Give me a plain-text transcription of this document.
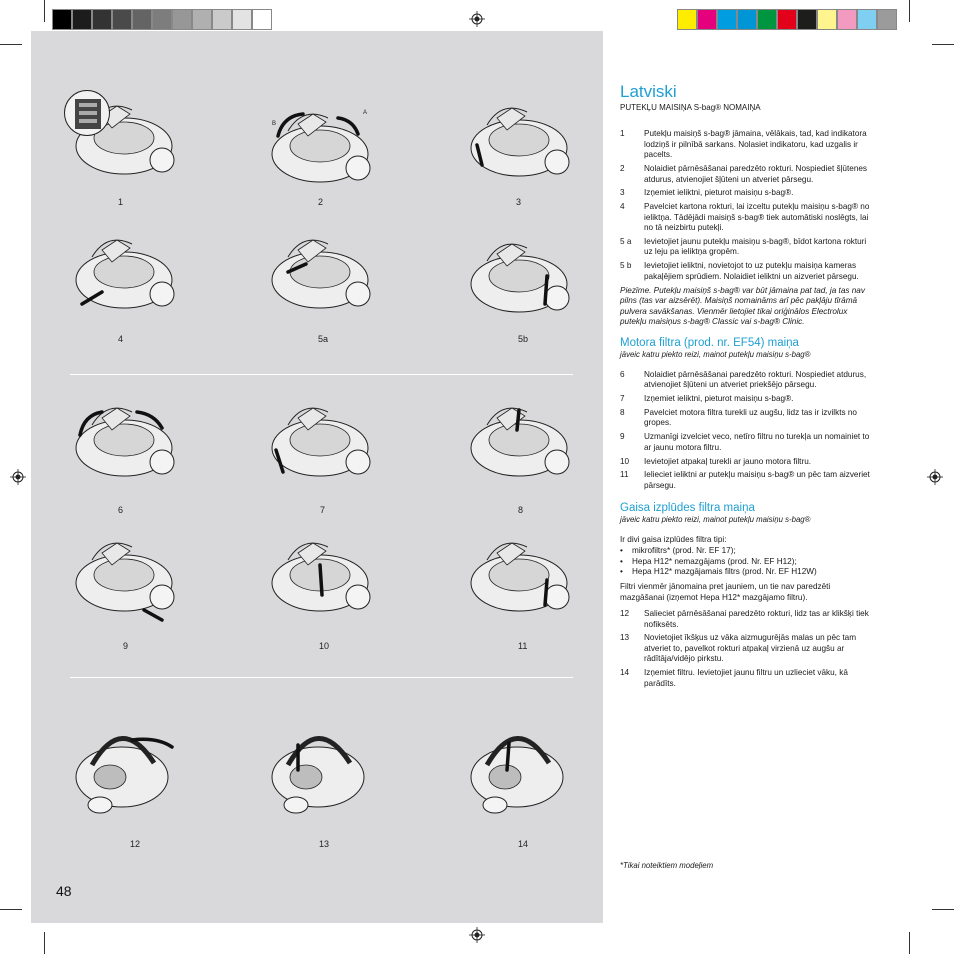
1	2	3
4	5a	5b
6	7	8
9	10	11
12	13	14
A
B
48
Latviski
PUTEKĻU MAISIŅA S-bag® NOMAIŅA
1	Putekļu maisiņš s-bag® jāmaina, vēlākais, tad, kad indikatora lodziņš ir pilnībā sarkans. Nolasiet indikatoru, kad uzgalis ir pacelts.
2	Nolaidiet pārnēsāšanai paredzēto rokturi. Nospiediet šļūtenes atdurus, atvienojiet šļūteni un atveriet pārsegu.
3	Izņemiet ieliktni, pieturot maisiņu s-bag®.
4	Pavelciet kartona rokturi, lai izceltu putekļu maisiņu s-bag® no ieliktņa. Tādējādi maisiņš s-bag® tiek automātiski noslēgts, lai no tā neizbirtu putekļi.
5 a	Ievietojiet jaunu putekļu maisiņu s-bag®, bīdot kartona rokturi uz leju pa ieliktņa gropēm.
5 b	Ievietojiet ieliktni, novietojot to uz putekļu maisiņa kameras pakaļējiem sprūdiem. Nolaidiet ieliktni un aizveriet pārsegu.
Piezīme. Putekļu maisiņš s-bag® var būt jāmaina pat tad, ja tas nav pilns (tas var aizsērēt). Maisiņš nomaināms arī pēc pakļāju tīrāmā pulvera savākšanas. Vienmēr lietojiet tikai oriģinālos Electrolux putekļu maisiņus s-bag® Classic vai s-bag® Clinic.
Motora filtra (prod. nr. EF54) maiņa
jāveic katru piekto reizi, mainot putekļu maisiņu s-bag®
6	Nolaidiet pārnēsāšanai paredzēto rokturi. Nospiediet atdurus, atvienojiet šļūteni un atveriet priekšējo pārsegu.
7	Izņemiet ieliktni, pieturot maisiņu s-bag®.
8	Pavelciet motora filtra turekli uz augšu, lidz tas ir izvilkts no gropes.
9	Uzmanīgi izvelciet veco, netīro filtru no turekļa un nomainiet to ar jaunu motora filtru.
10	Ievietojiet atpakaļ turekli ar jauno motora filtru.
11	Ielieciet ieliktni ar putekļu maisiņu s-bag® un pēc tam aizveriet pārsegu.
Gaisa izplūdes filtra maiņa
jāveic katru piekto reizi, mainot putekļu maisiņu s-bag®
Ir divi gaisa izplūdes filtra tipi:
•	mikrofiltrs* (prod. Nr. EF 17);
•	Hepa H12* nemazgājams (prod. Nr. EF H12);
•	Hepa H12* mazgājamais filtrs (prod. Nr. EF H12W)
Filtri vienmēr jānomaina pret jauniem, un tie nav paredzēti mazgāšanai (izņemot Hepa H12* mazgājamo filtru).
12	Salieciet pārnēsāšanai paredzēto rokturi, lidz tas ar klikšķi tiek nofiksēts.
13	Novietojiet īkšķus uz vāka aizmugurējās malas un pēc tam atveriet to, pavelkot rokturi atpakaļ virzienā uz augšu ar rādītāja/vidējo pirkstu.
14	Izņemiet filtru. Ievietojiet jaunu filtru un uzlieciet vāku, kā parādīts.
*Tikai noteiktiem modeļiem
